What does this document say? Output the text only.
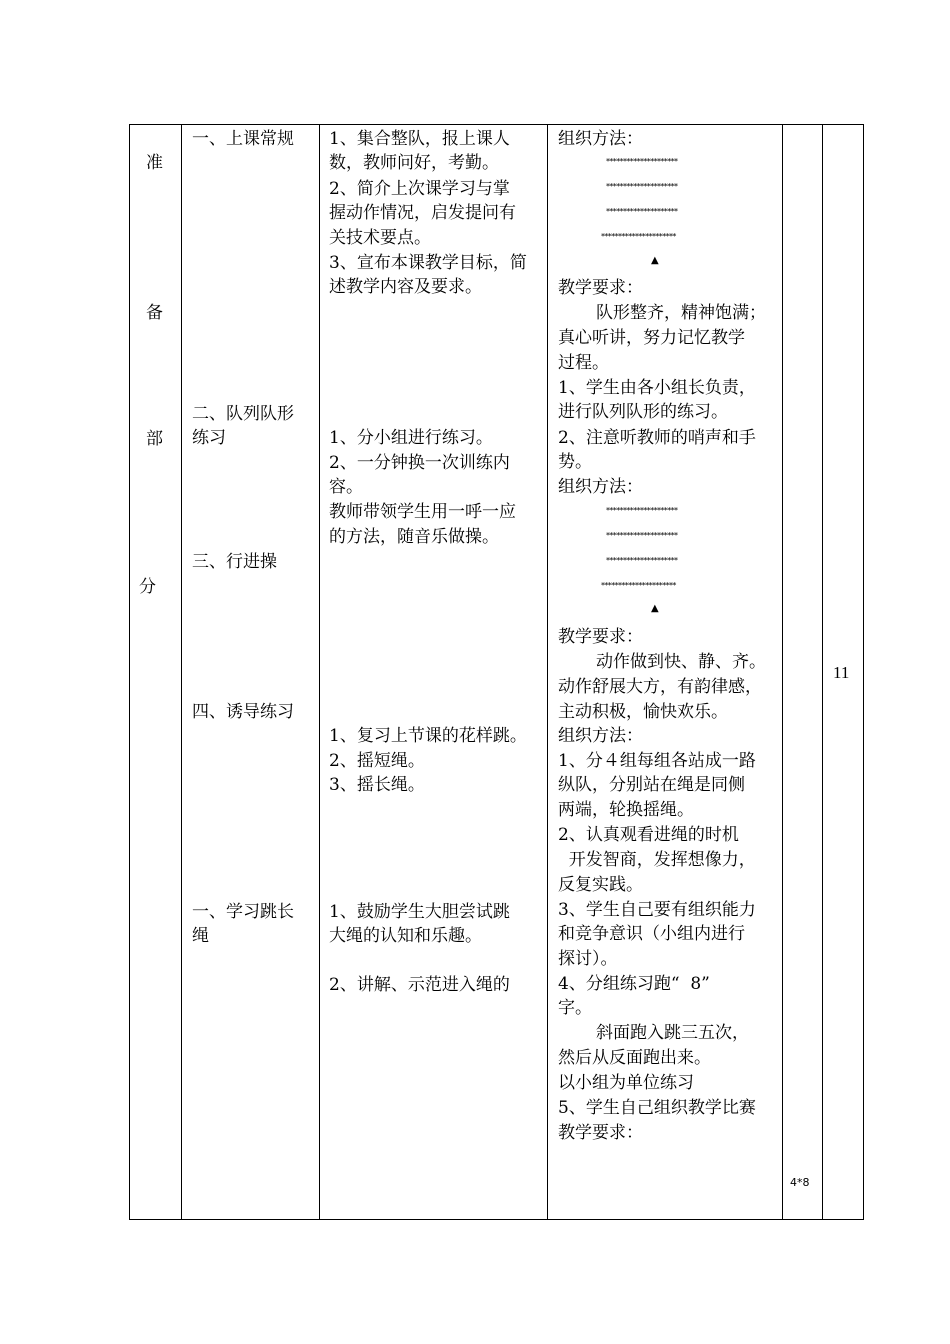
准
备
部
分
一、上课常规
二、队列队形
练习
三、行进操
四、诱导练习
一、学习跳长
绳
1、集合整队，报上课人
数，教师问好，考勤。
2、简介上次课学习与掌
握动作情况，启发提问有
关技术要点。
3、宣布本课教学目标，简
述教学内容及要求。
1、分小组进行练习。
2、一分钟换一次训练内
容。
教师带领学生用一呼一应
的方法，随音乐做操。
1、复习上节课的花样跳。
2、摇短绳。
3、摇长绳。
1、鼓励学生大胆尝试跳
大绳的认知和乐趣。
2、讲解、示范进入绳的
组织方法：
*********************
*********************
*********************
**********************
▲
教学要求：
队形整齐，精神饱满；
真心听讲，努力记忆教学
过程。
1、学生由各小组长负责，
进行队列队形的练习。
2、注意听教师的哨声和手
势。
组织方法：
*********************
*********************
*********************
**********************
▲
教学要求：
动作做到快、静、齐。
动作舒展大方，有韵律感，
主动积极，愉快欢乐。
组织方法：
1、分４组每组各站成一路
纵队，分别站在绳是同侧
两端，轮换摇绳。
2、认真观看进绳的时机
开发智商，发挥想像力，
反复实践。
3、学生自己要有组织能力
和竞争意识（小组内进行
探讨）。
4、分组练习跑“  8”
字。
斜面跑入跳三五次，
然后从反面跑出来。
以小组为单位练习
5、学生自己组织教学比赛
教学要求：
4*8
11
